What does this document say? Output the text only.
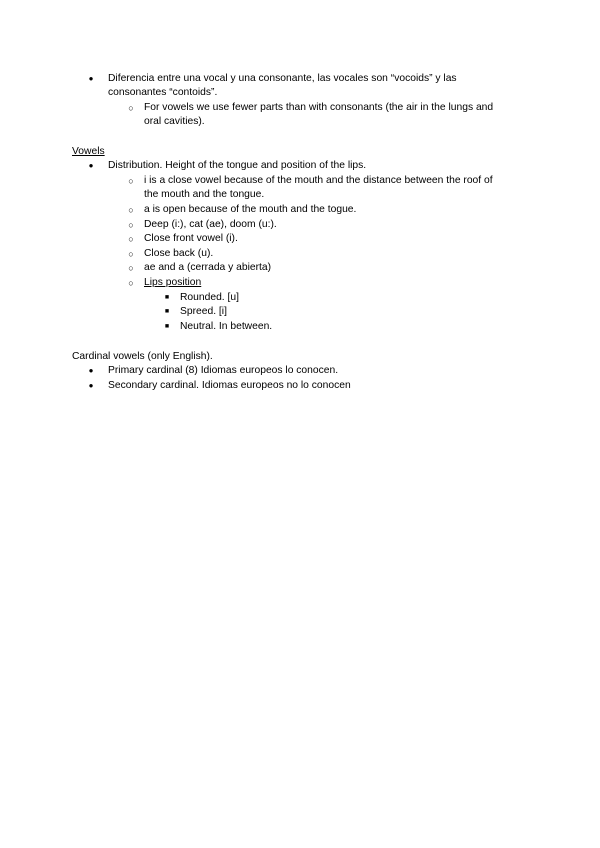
● Diferencia entre una vocal y una consonante, las vocales son “vocoids” y las
consonantes “contoids”.
○ For vowels we use fewer parts than with consonants (the air in the lungs and
oral cavities).
Vowels
● Distribution. Height of the tongue and position of the lips.
○ i is a close vowel because of the mouth and the distance between the roof of
the mouth and the tongue.
○ a is open because of the mouth and the togue.
○ Deep (i:), cat (ae), doom (u:).
○ Close front vowel (i).
○ Close back (u).
○ ae and a (cerrada y abierta)
○ Lips position
■ Rounded. [u]
■ Spreed. [i]
■ Neutral. In between.
Cardinal vowels (only English).
● Primary cardinal (8) Idiomas europeos lo conocen.
● Secondary cardinal. Idiomas europeos no lo conocen
